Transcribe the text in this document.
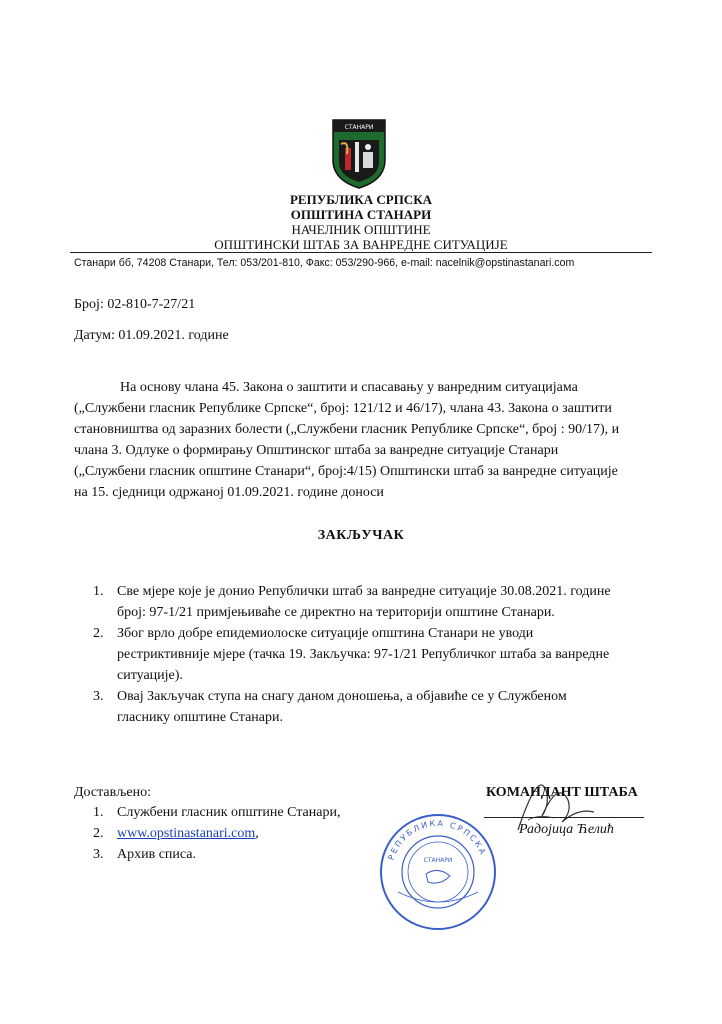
СТАНАРИ
РЕПУБЛИКА СРПСКА
ОПШТИНА СТАНАРИ
НАЧЕЛНИК ОПШТИНЕ
ОПШТИНСКИ ШТАБ ЗА ВАНРЕДНЕ СИТУАЦИЈЕ
Станари бб, 74208 Станари, Тел: 053/201-810, Факс: 053/290-966, e-mail: nacelnik@opstinastanari.com
Број: 02-810-7-27/21
Датум: 01.09.2021. године
На основу члана 45. Закона о заштити и спасавању у ванредним ситуацијама
(„Службени гласник Републике Српске“, број: 121/12 и 46/17), члана 43. Закона о заштити
становништва од заразних болести („Службени гласник Републике Српске“, број : 90/17), и
члана 3. Одлуке о формирању Општинског штаба за ванредне ситуације Станари
(„Службени гласник општине Станари“, број:4/15) Општински штаб за ванредне ситуације
на 15. сједници одржаној 01.09.2021. године доноси
ЗАКЉУЧАК
1. Све мјере које је донио Републички штаб за ванредне ситуације 30.08.2021. године
број: 97-1/21 примјењиваће се директно на територији општине Станари.
2. Због врло добре епидемиолоске ситуације општина Станари не уводи
рестриктивније мјере (тачка 19. Закључка: 97-1/21 Републичког штаба за ванредне
ситуације).
3. Овај Закључак ступа на снагу даном доношења, а објавиће се у Службеном
гласнику општине Станари.
Достављено:
1. Службени гласник општине Станари,
2. www.opstinastanari.com,
3. Архив списа.	РЕПУБЛИКА СРПСКА
СТАНАРИ
КОМАНДАНТ ШТАБА
Радојица Ћелић
